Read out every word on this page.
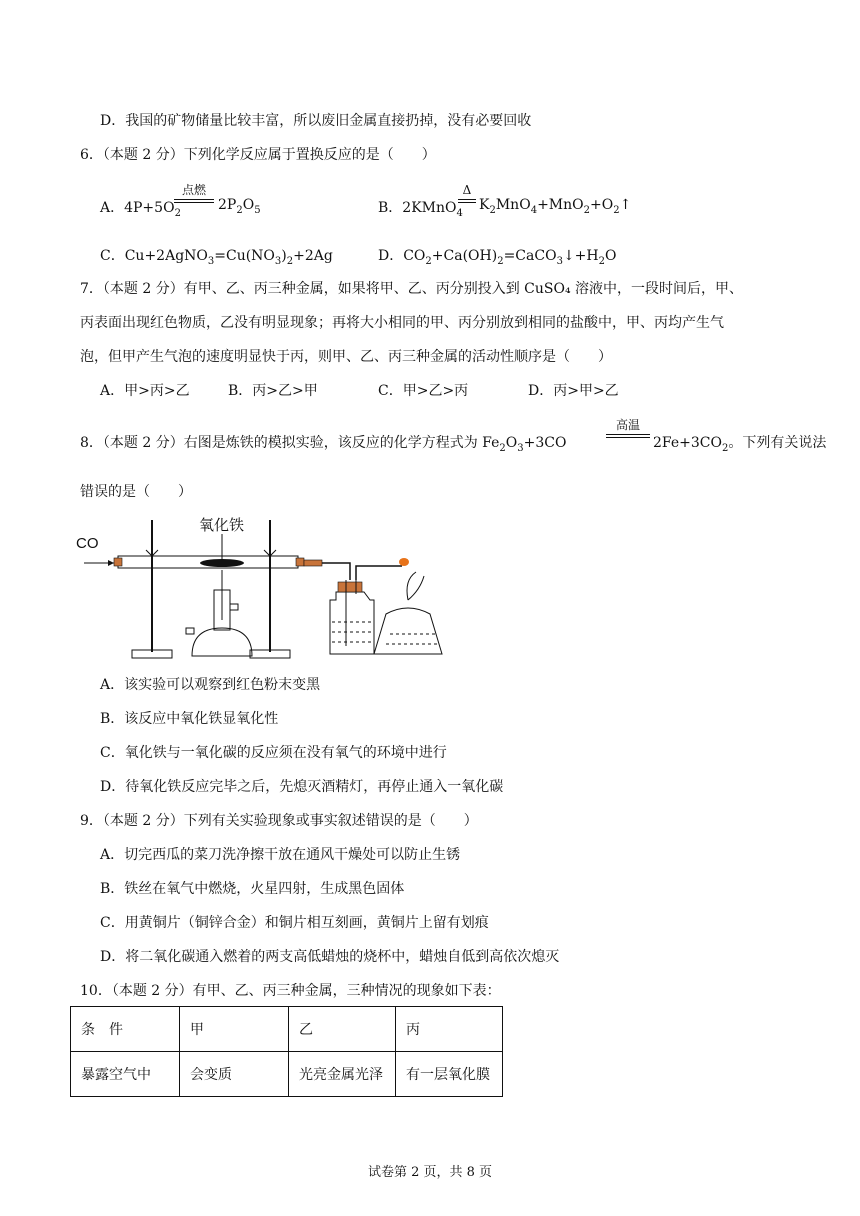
D．我国的矿物储量比较丰富，所以废旧金属直接扔掉，没有必要回收
6．（本题 2 分）下列化学反应属于置换反应的是（　　）
A．$4P+5O_2$
点燃
$2P_2O_5$	B．2KMnO$_4$
Δ
$K_2MnO_4+MnO_2+O_2↑$
C．$Cu+2AgNO_3=Cu(NO_3)_2+2Ag$	D．$CO_2+Ca(OH)_2=CaCO_3↓+H_2O$
7．（本题 2 分）有甲、乙、丙三种金属，如果将甲、乙、丙分别投入到 CuSO₄ 溶液中，一段时间后，甲、
丙表面出现红色物质，乙没有明显现象；再将大小相同的甲、丙分别放到相同的盐酸中，甲、丙均产生气
泡，但甲产生气泡的速度明显快于丙，则甲、乙、丙三种金属的活动性顺序是（　　）
A．甲>丙>乙	B．丙>乙>甲	C．甲>乙>丙	D．丙>甲>乙
8．（本题 2 分）右图是炼铁的模拟实验，该反应的化学方程式为 $Fe_2O_3+3CO$
高温
$2Fe+3CO_2$。下列有关说法
错误的是（　　）
CO
氧化铁
A．该实验可以观察到红色粉末变黑
B．该反应中氧化铁显氧化性
C．氧化铁与一氧化碳的反应须在没有氧气的环境中进行
D．待氧化铁反应完毕之后，先熄灭酒精灯，再停止通入一氧化碳
9．（本题 2 分）下列有关实验现象或事实叙述错误的是（　　）
A．切完西瓜的菜刀洗净擦干放在通风干燥处可以防止生锈
B．铁丝在氧气中燃烧，火星四射，生成黑色固体
C．用黄铜片（铜锌合金）和铜片相互刻画，黄铜片上留有划痕
D．将二氧化碳通入燃着的两支高低蜡烛的烧杯中，蜡烛自低到高依次熄灭
10．（本题 2 分）有甲、乙、丙三种金属，三种情况的现象如下表：
条　件	甲	乙	丙
暴露空气中	会变质	光亮金属光泽	有一层氧化膜
试卷第 2 页，共 8 页
